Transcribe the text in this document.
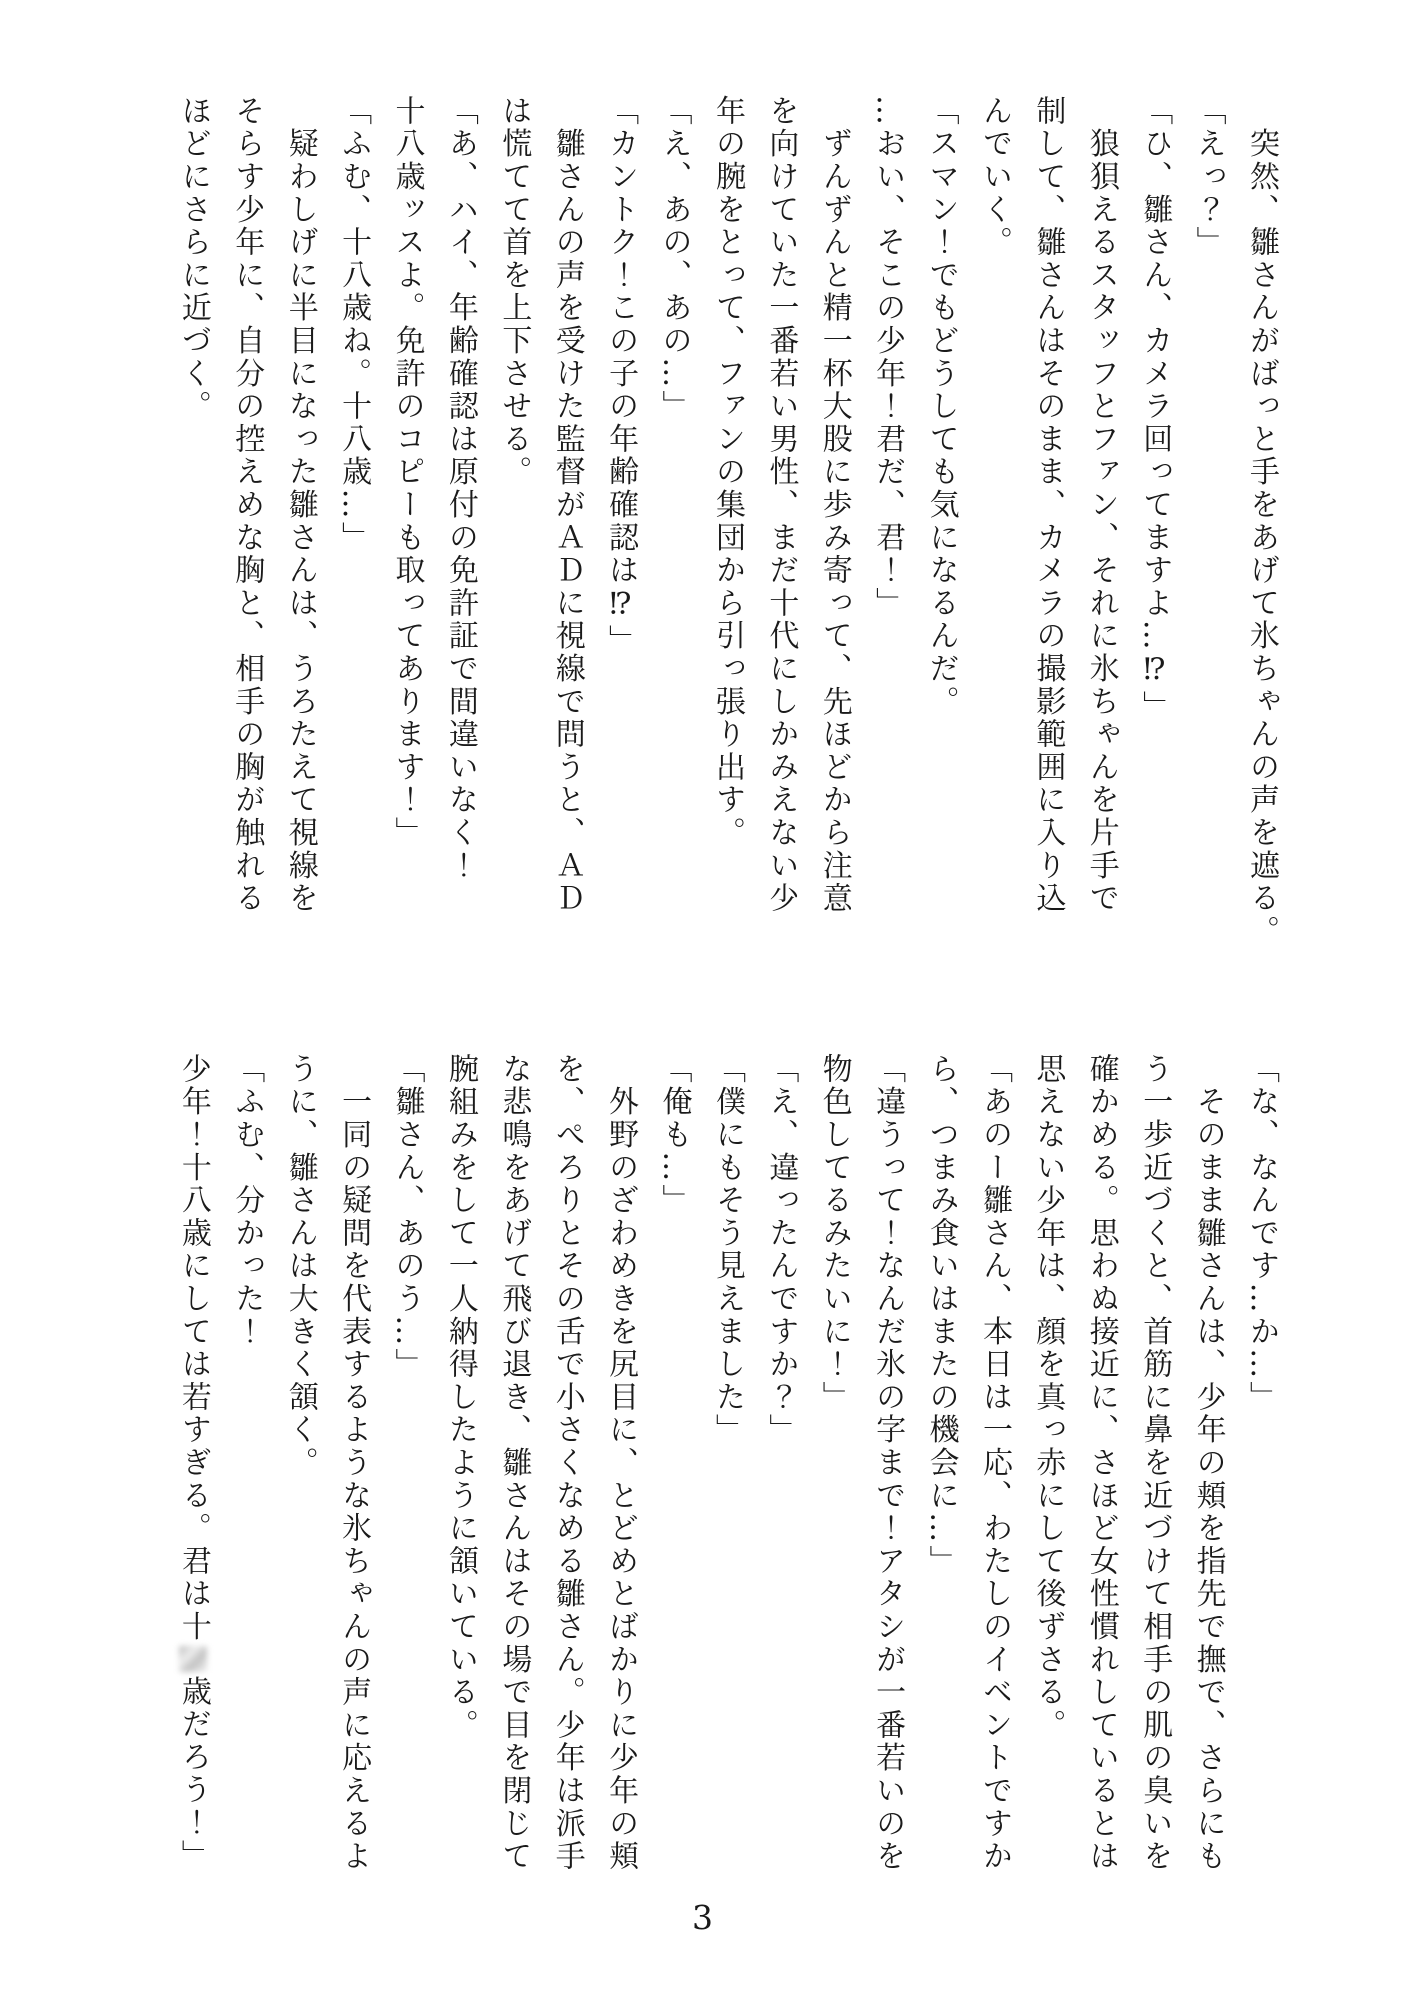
　突然、雛さんがばっと手をあげて氷ちゃんの声を遮る。
「えっ？」
「ひ、雛さん、カメラ回ってますよ…⁉」
　狼狽えるスタッフとファン、それに氷ちゃんを片手で
制して、雛さんはそのまま、カメラの撮影範囲に入り込
んでいく。
「スマン！でもどうしても気になるんだ。
…おい、そこの少年！君だ、君！」
　ずんずんと精一杯大股に歩み寄って、先ほどから注意
を向けていた一番若い男性、まだ十代にしかみえない少
年の腕をとって、ファンの集団から引っ張り出す。
「え、あの、あの…」
「カントク！この子の年齢確認は⁉」
　雛さんの声を受けた監督がＡＤに視線で問うと、ＡＤ
は慌てて首を上下させる。
「あ、ハイ、年齢確認は原付の免許証で間違いなく！
十八歳ッスよ。免許のコピーも取ってあります！」
「ふむ、十八歳ね。十八歳…」
　疑わしげに半目になった雛さんは、うろたえて視線を
そらす少年に、自分の控えめな胸と、相手の胸が触れる
ほどにさらに近づく。
「な、なんです…か…」
　そのまま雛さんは、少年の頬を指先で撫で、さらにも
う一歩近づくと、首筋に鼻を近づけて相手の肌の臭いを
確かめる。思わぬ接近に、さほど女性慣れしているとは
思えない少年は、顔を真っ赤にして後ずさる。
「あのー雛さん、本日は一応、わたしのイベントですか
ら、つまみ食いはまたの機会に…」
「違うって！なんだ氷の字まで！アタシが一番若いのを
物色してるみたいに！」
「え、違ったんですか？」
「僕にもそう見えました」
「俺も…」
　外野のざわめきを尻目に、とどめとばかりに少年の頬
を、ぺろりとその舌で小さくなめる雛さん。少年は派手
な悲鳴をあげて飛び退き、雛さんはその場で目を閉じて
腕組みをして一人納得したように頷いている。
「雛さん、あのう…」
　一同の疑問を代表するような氷ちゃんの声に応えるよ
うに、雛さんは大きく頷く。
「ふむ、分かった！
少年！十八歳にしては若すぎる。君は十歳だろう！」
3
